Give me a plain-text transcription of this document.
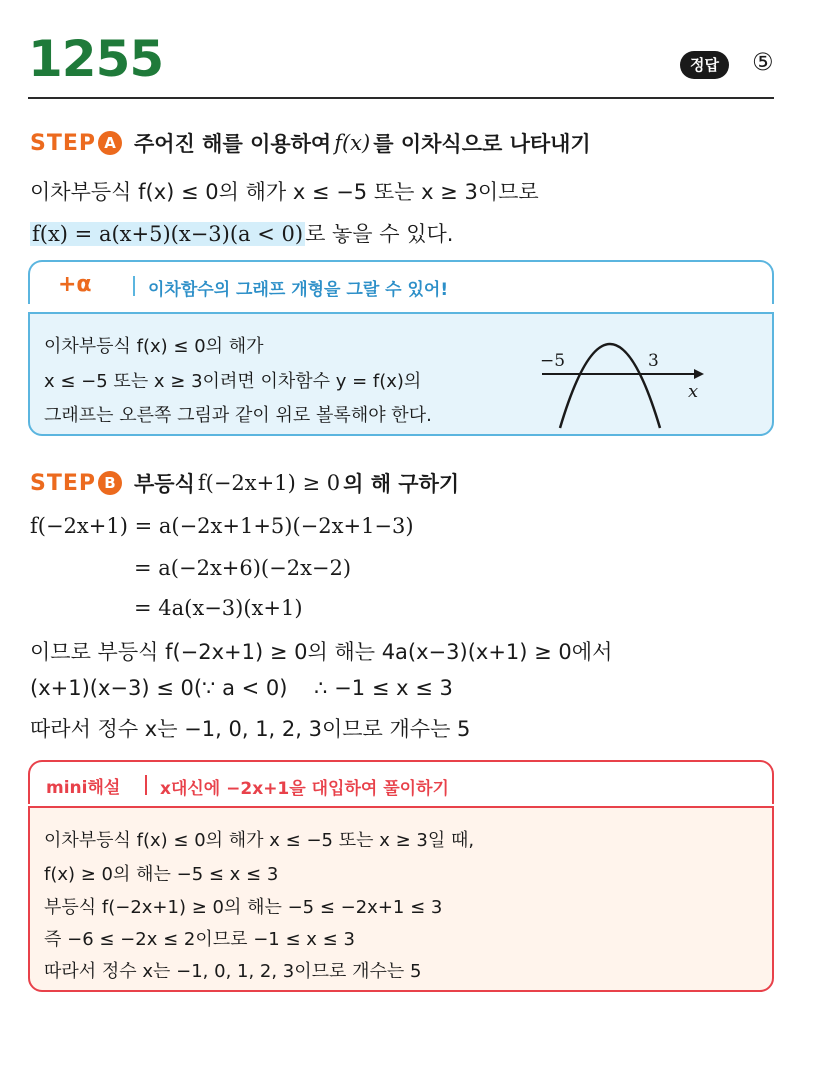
1255	정답	⑤
STEP A 주어진 해를 이용하여 f(x) 를 이차식으로 나타내기
이차부등식 f(x) ≤ 0의 해가 x ≤ −5 또는 x ≥ 3이므로
f(x) = a(x+5)(x−3)(a < 0)로 놓을 수 있다.
+α	이차함수의 그래프 개형을 그랄 수 있어!
이차부등식 f(x) ≤ 0의 해가
x ≤ −5 또는 x ≥ 3이려면 이차함수 y = f(x)의
그래프는 오른쪽 그림과 같이 위로 볼록해야 한다.
−5	3
x
STEP B 부등식 f(−2x+1) ≥ 0 의 해 구하기
f(−2x+1) = a(−2x+1+5)(−2x+1−3)
= a(−2x+6)(−2x−2)
= 4a(x−3)(x+1)
이므로 부등식 f(−2x+1) ≥ 0의 해는 4a(x−3)(x+1) ≥ 0에서
(x+1)(x−3) ≤ 0(∵ a < 0)    ∴ −1 ≤ x ≤ 3
따라서 정수 x는 −1, 0, 1, 2, 3이므로 개수는 5
mini해설 x대신에 −2x+1을 대입하여 풀이하기
이차부등식 f(x) ≤ 0의 해가 x ≤ −5 또는 x ≥ 3일 때,
f(x) ≥ 0의 해는 −5 ≤ x ≤ 3
부등식 f(−2x+1) ≥ 0의 해는 −5 ≤ −2x+1 ≤ 3
즉 −6 ≤ −2x ≤ 2이므로 −1 ≤ x ≤ 3
따라서 정수 x는 −1, 0, 1, 2, 3이므로 개수는 5
